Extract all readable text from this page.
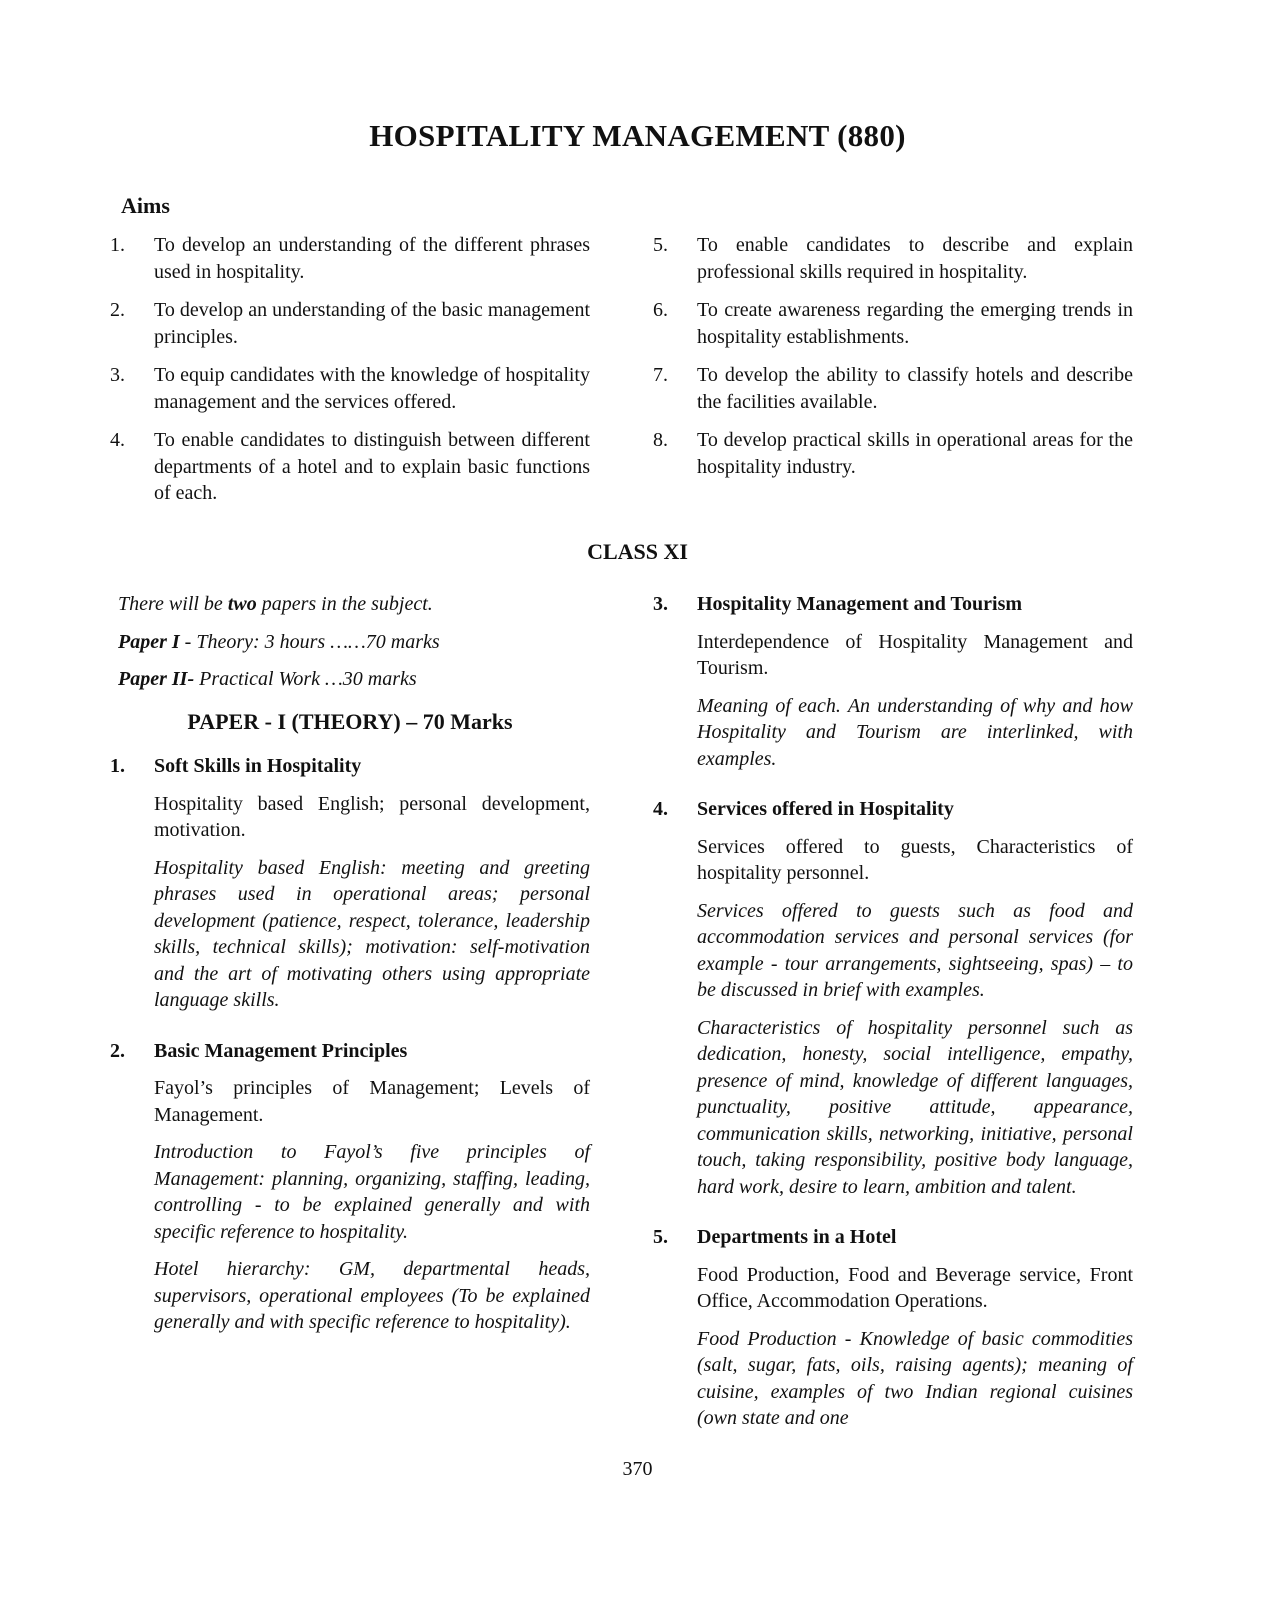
HOSPITALITY MANAGEMENT (880)
Aims
1. To develop an understanding of the different phrases used in hospitality.
2. To develop an understanding of the basic management principles.
3. To equip candidates with the knowledge of hospitality management and the services offered.
4. To enable candidates to distinguish between different departments of a hotel and to explain basic functions of each.
5. To enable candidates to describe and explain professional skills required in hospitality.
6. To create awareness regarding the emerging trends in hospitality establishments.
7. To develop the ability to classify hotels and describe the facilities available.
8. To develop practical skills in operational areas for the hospitality industry.
CLASS XI

There will be two papers in the subject.

Paper I - Theory: 3 hours ……70 marks

Paper II- Practical Work …30 marks

PAPER - I (THEORY) – 70 Marks
1. Soft Skills in Hospitality

Hospitality based English; personal development, motivation.

Hospitality based English: meeting and greeting phrases used in operational areas; personal development (patience, respect, tolerance, leadership skills, technical skills); motivation: self-motivation and the art of motivating others using appropriate language skills.

2. Basic Management Principles

Fayol’s principles of Management; Levels of Management.

Introduction to Fayol’s five principles of Management: planning, organizing, staffing, leading, controlling - to be explained generally and with specific reference to hospitality.

Hotel hierarchy: GM, departmental heads, supervisors, operational employees (To be explained generally and with specific reference to hospitality).

3. Hospitality Management and Tourism

Interdependence of Hospitality Management and Tourism.

Meaning of each. An understanding of why and how Hospitality and Tourism are interlinked, with examples.

4. Services offered in Hospitality

Services offered to guests, Characteristics of hospitality personnel.

Services offered to guests such as food and accommodation services and personal services (for example - tour arrangements, sightseeing, spas) – to be discussed in brief with examples.

Characteristics of hospitality personnel such as dedication, honesty, social intelligence, empathy, presence of mind, knowledge of different languages, punctuality, positive attitude, appearance, communication skills, networking, initiative, personal touch, taking responsibility, positive body language, hard work, desire to learn, ambition and talent.

5. Departments in a Hotel

Food Production, Food and Beverage service, Front Office, Accommodation Operations.

Food Production - Knowledge of basic commodities (salt, sugar, fats, oils, raising agents); meaning of cuisine, examples of two Indian regional cuisines (own state and one

370
